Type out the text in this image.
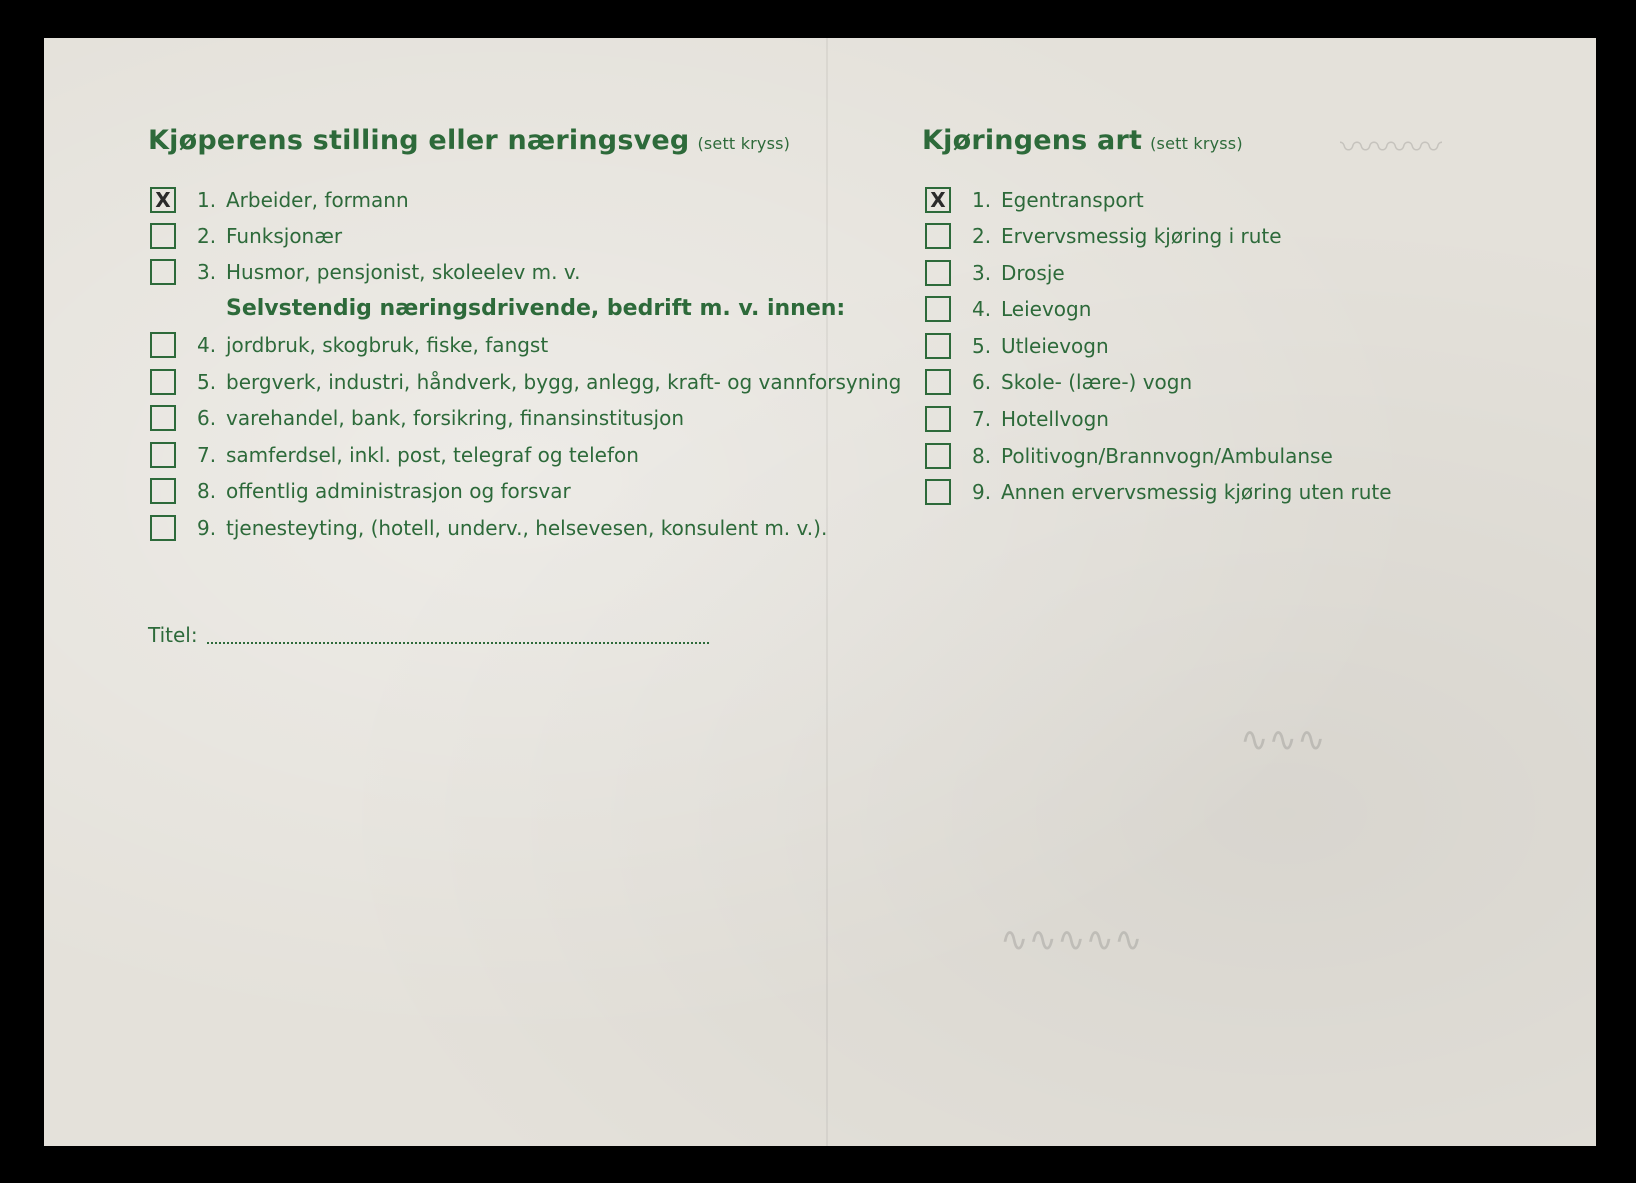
〰〰〰
∿∿∿
∿∿∿∿∿
Kjøperens stilling eller næringsveg (sett kryss)
X 1. Arbeider, formann
2. Funksjonær
3. Husmor, pensjonist, skoleelev m. v.
Selvstendig næringsdrivende, bedrift m. v. innen:
4. jordbruk, skogbruk, fiske, fangst
5. bergverk, industri, håndverk, bygg, anlegg, kraft- og vannforsyning
6. varehandel, bank, forsikring, finansinstitusjon
7. samferdsel, inkl. post, telegraf og telefon
8. offentlig administrasjon og forsvar
9. tjenesteyting, (hotell, underv., helsevesen, konsulent m. v.).
Titel:
Kjøringens art (sett kryss)
X 1. Egentransport
2. Ervervsmessig kjøring i rute
3. Drosje
4. Leievogn
5. Utleievogn
6. Skole- (lære-) vogn
7. Hotellvogn
8. Politivogn/Brannvogn/Ambulanse
9. Annen ervervsmessig kjøring uten rute
